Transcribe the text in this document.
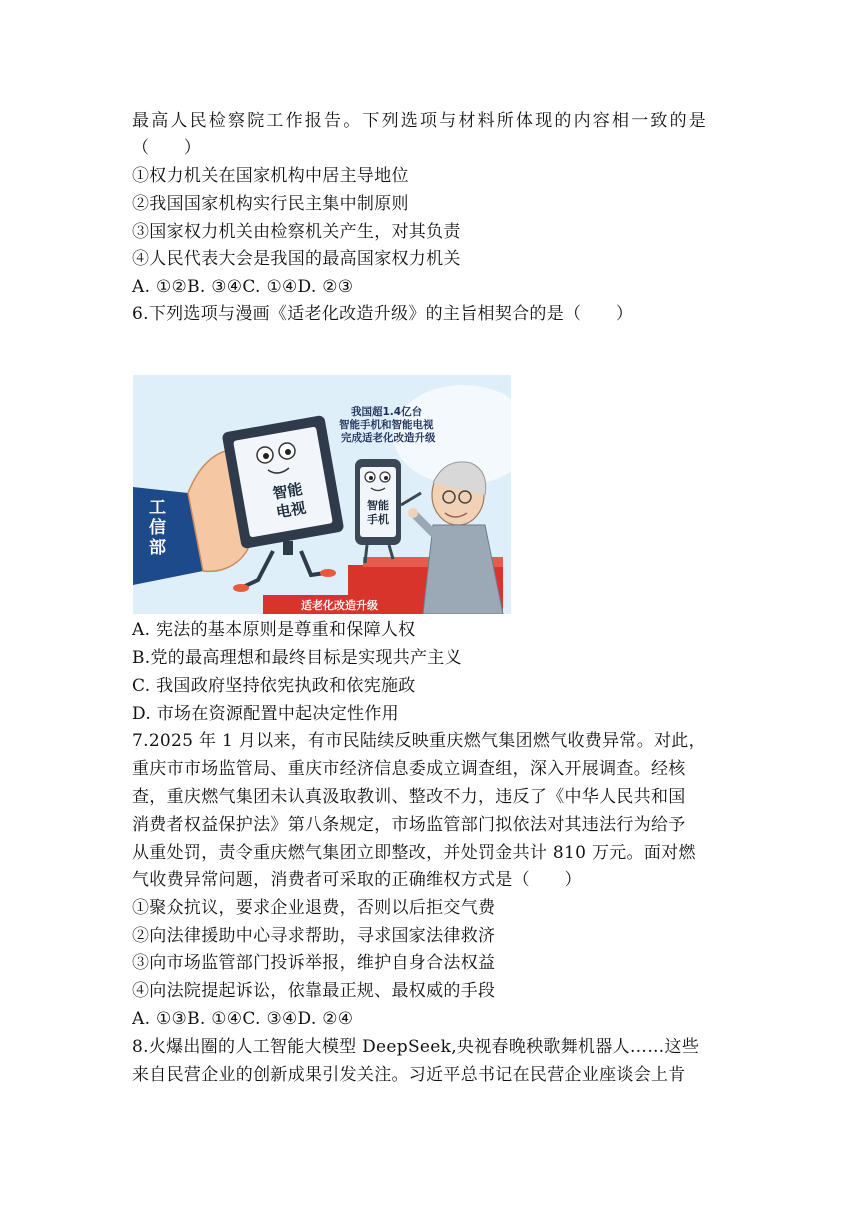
最高人民检察院工作报告。下列选项与材料所体现的内容相一致的是
（　　）
①权力机关在国家机构中居主导地位
②我国国家机构实行民主集中制原则
③国家权力机关由检察机关产生，对其负责
④人民代表大会是我国的最高国家权力机关
A. ①②B. ③④C. ①④D. ②③
6.下列选项与漫画《适老化改造升级》的主旨相契合的是（　　）
适老化改造升级
工
信
部
智能
电视	智能
手机
我国超1.4亿台
智能手机和智能电视
完成适老化改造升级
A. 宪法的基本原则是尊重和保障人权
B.党的最高理想和最终目标是实现共产主义
C. 我国政府坚持依宪执政和依宪施政
D. 市场在资源配置中起决定性作用
7.2025 年 1 月以来，有市民陆续反映重庆燃气集团燃气收费异常。对此，
重庆市市场监管局、重庆市经济信息委成立调查组，深入开展调查。经核
查，重庆燃气集团未认真汲取教训、整改不力，违反了《中华人民共和国
消费者权益保护法》第八条规定，市场监管部门拟依法对其违法行为给予
从重处罚，责令重庆燃气集团立即整改，并处罚金共计 810 万元。面对燃
气收费异常问题，消费者可采取的正确维权方式是（　　）
①聚众抗议，要求企业退费，否则以后拒交气费
②向法律援助中心寻求帮助，寻求国家法律救济
③向市场监管部门投诉举报，维护自身合法权益
④向法院提起诉讼，依靠最正规、最权威的手段
A. ①③B. ①④C. ③④D. ②④
8.火爆出圈的人工智能大模型 DeepSeek,央视春晚秧歌舞机器人……这些
来自民营企业的创新成果引发关注。习近平总书记在民营企业座谈会上肯
